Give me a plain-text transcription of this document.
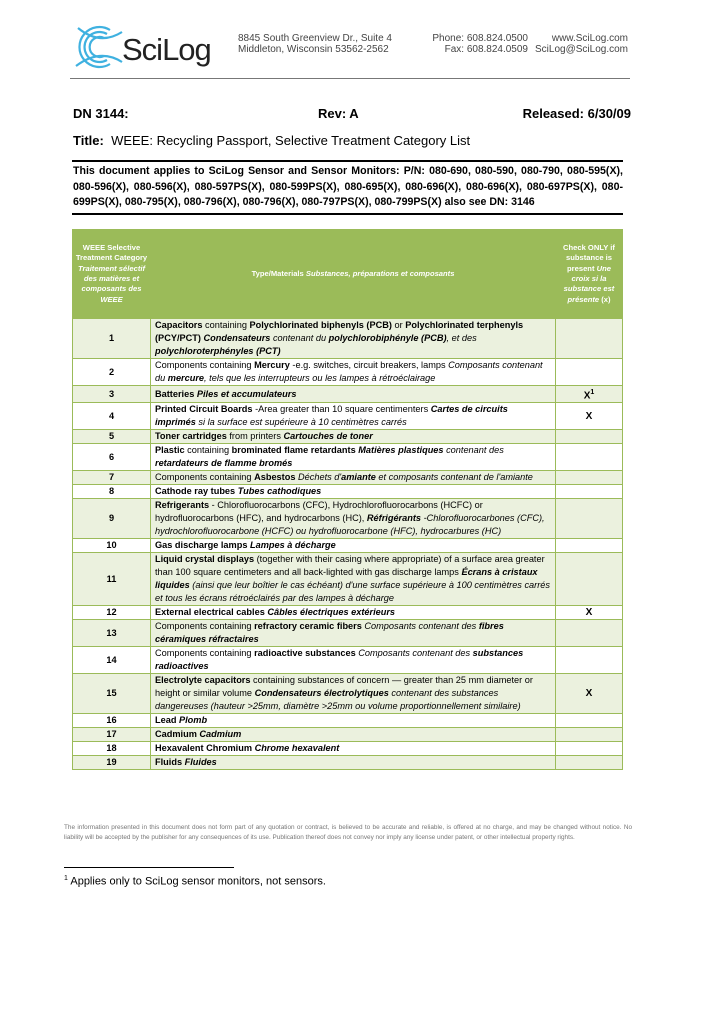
SciLog	8845 South Greenview Dr., Suite 4
Middleton, Wisconsin 53562-2562
Phone: 608.824.0500
Fax: 608.824.0509
www.SciLog.com
SciLog@SciLog.com
DN 3144:	Rev: A	Released: 6/30/09
Title: WEEE: Recycling Passport, Selective Treatment Category List
This document applies to SciLog Sensor and Sensor Monitors: P/N: 080-690, 080-590, 080-790, 080-595(X), 080-596(X), 080-596(X), 080-597PS(X), 080-599PS(X), 080-695(X), 080-696(X), 080-696(X), 080-697PS(X), 080-699PS(X), 080-795(X), 080-796(X), 080-796(X), 080-797PS(X), 080-799PS(X) also see DN: 3146
WEEE Selective Treatment Category Traitement sélectif des matières et composants des WEEE	Type/Materials Substances, préparations et composants	Check ONLY if substance is present Une croix si la substance est présente (x)
1	Capacitors containing Polychlorinated biphenyls (PCB) or Polychlorinated terphenyls (PCY/PCT) Condensateurs contenant du polychlorobiphényle (PCB), et des polychloroterphényles (PCT)	
2	Components containing Mercury -e.g. switches, circuit breakers, lamps Composants contenant du mercure, tels que les interrupteurs ou les lampes à rétroéclairage	
3	Batteries Piles et accumulateurs	$X^1$
4	Printed Circuit Boards -Area greater than 10 square centimenters Cartes de circuits imprimés si la surface est supérieure à 10 centimètres carrés	X
5	Toner cartridges from printers Cartouches de toner	
6	Plastic containing brominated flame retardants Matières plastiques contenant des retardateurs de flamme bromés	
7	Components containing Asbestos Déchets d'amiante et composants contenant de l'amiante	
8	Cathode ray tubes Tubes cathodiques	
9	Refrigerants - Chlorofluorocarbons (CFC), Hydrochlorofluorocarbons (HCFC) or hydrofluorocarbons (HFC), and hydrocarbons (HC), Réfrigérants -Chlorofluorocarbones (CFC), hydrochlorofluorocarbone (HCFC) ou hydrofluorocarbone (HFC), hydrocarbures (HC)	
10	Gas discharge lamps Lampes à décharge	
11	Liquid crystal displays (together with their casing where appropriate) of a surface area greater than 100 square centimeters and all back-lighted with gas discharge lamps Écrans à cristaux liquides (ainsi que leur boîtier le cas échéant) d'une surface supérieure à 100 centimètres carrés et tous les écrans rétroéclairés par des lampes à décharge	
12	External electrical cables Câbles électriques extérieurs	X
13	Components containing refractory ceramic fibers Composants contenant des fibres céramiques réfractaires	
14	Components containing radioactive substances Composants contenant des substances radioactives	
15	Electrolyte capacitors containing substances of concern — greater than 25 mm diameter or height or similar volume Condensateurs électrolytiques contenant des substances dangereuses (hauteur >25mm, diamètre >25mm ou volume proportionnellement similaire)	X
16	Lead Plomb	
17	Cadmium Cadmium	
18	Hexavalent Chromium Chrome hexavalent	
19	Fluids Fluides	
The information presented in this document does not form part of any quotation or contract, is believed to be accurate and reliable, is offered at no charge, and may be changed without notice. No liability will be accepted by the publisher for any consequences of its use. Publication thereof does not convey nor imply any license under patent, or other intellectual property rights.
$^1$ Applies only to SciLog sensor monitors, not sensors.
